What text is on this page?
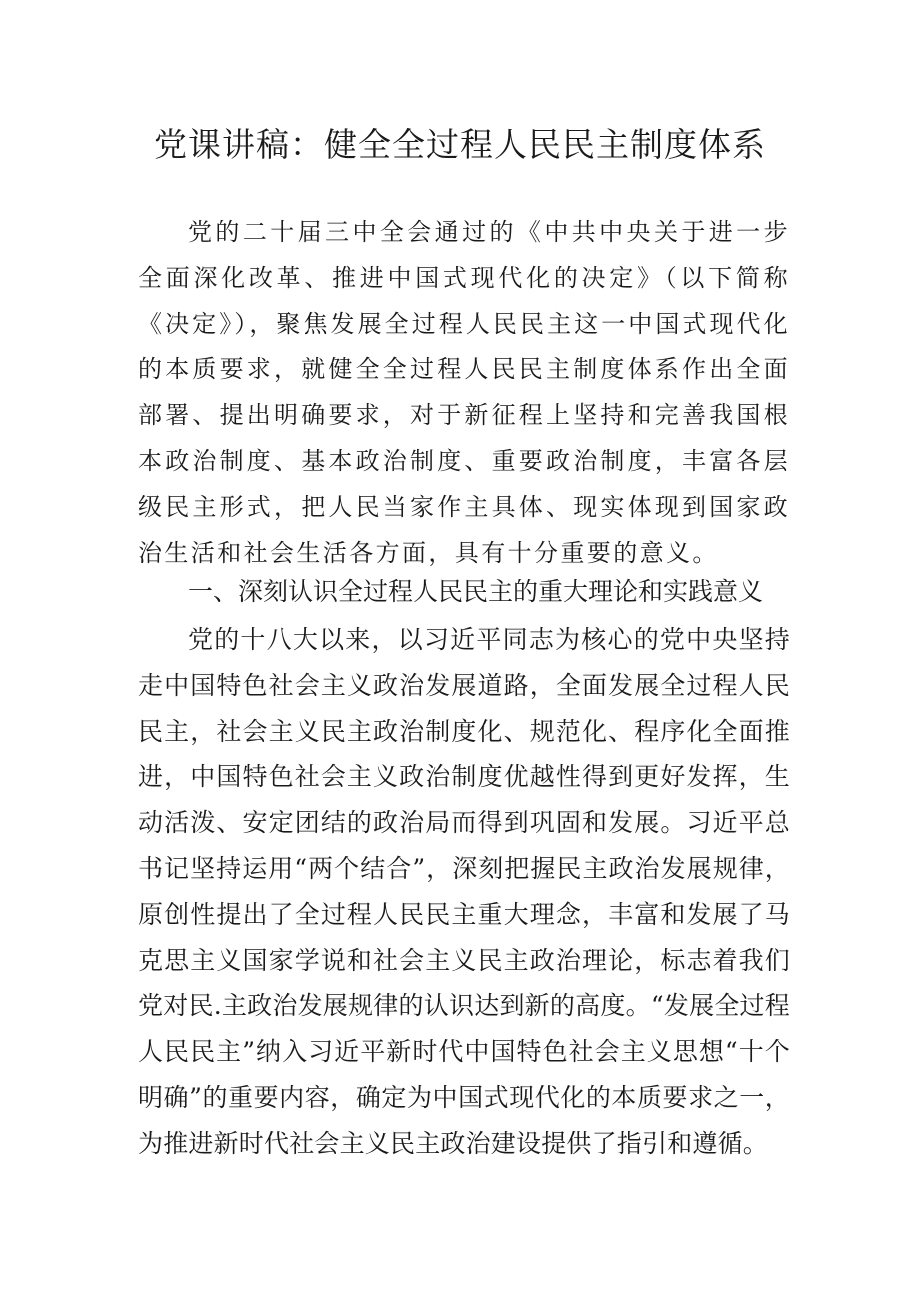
党课讲稿：健全全过程人民民主制度体系

党的二十届三中全会通过的《中共中央关于进一步全面深化改革、推进中国式现代化的决定》（以下简称《决定》），聚焦发展全过程人民民主这一中国式现代化的本质要求，就健全全过程人民民主制度体系作出全面部署、提出明确要求，对于新征程上坚持和完善我国根本政治制度、基本政治制度、重要政治制度，丰富各层级民主形式，把人民当家作主具体、现实体现到国家政治生活和社会生活各方面，具有十分重要的意义。

一、深刻认识全过程人民民主的重大理论和实践意义

党的十八大以来，以习近平同志为核心的党中央坚持走中国特色社会主义政治发展道路，全面发展全过程人民民主，社会主义民主政治制度化、规范化、程序化全面推进，中国特色社会主义政治制度优越性得到更好发挥，生动活泼、安定团结的政治局而得到巩固和发展。习近平总书记坚持运用“两个结合”，深刻把握民主政治发展规律，原创性提出了全过程人民民主重大理念，丰富和发展了马克思主义国家学说和社会主义民主政治理论，标志着我们党对民.主政治发展规律的认识达到新的高度。“发展全过程人民民主”纳入习近平新时代中国特色社会主义思想“十个明确”的重要内容，确定为中国式现代化的本质要求之一，为推进新时代社会主义民主政治建设提供了指引和遵循。
